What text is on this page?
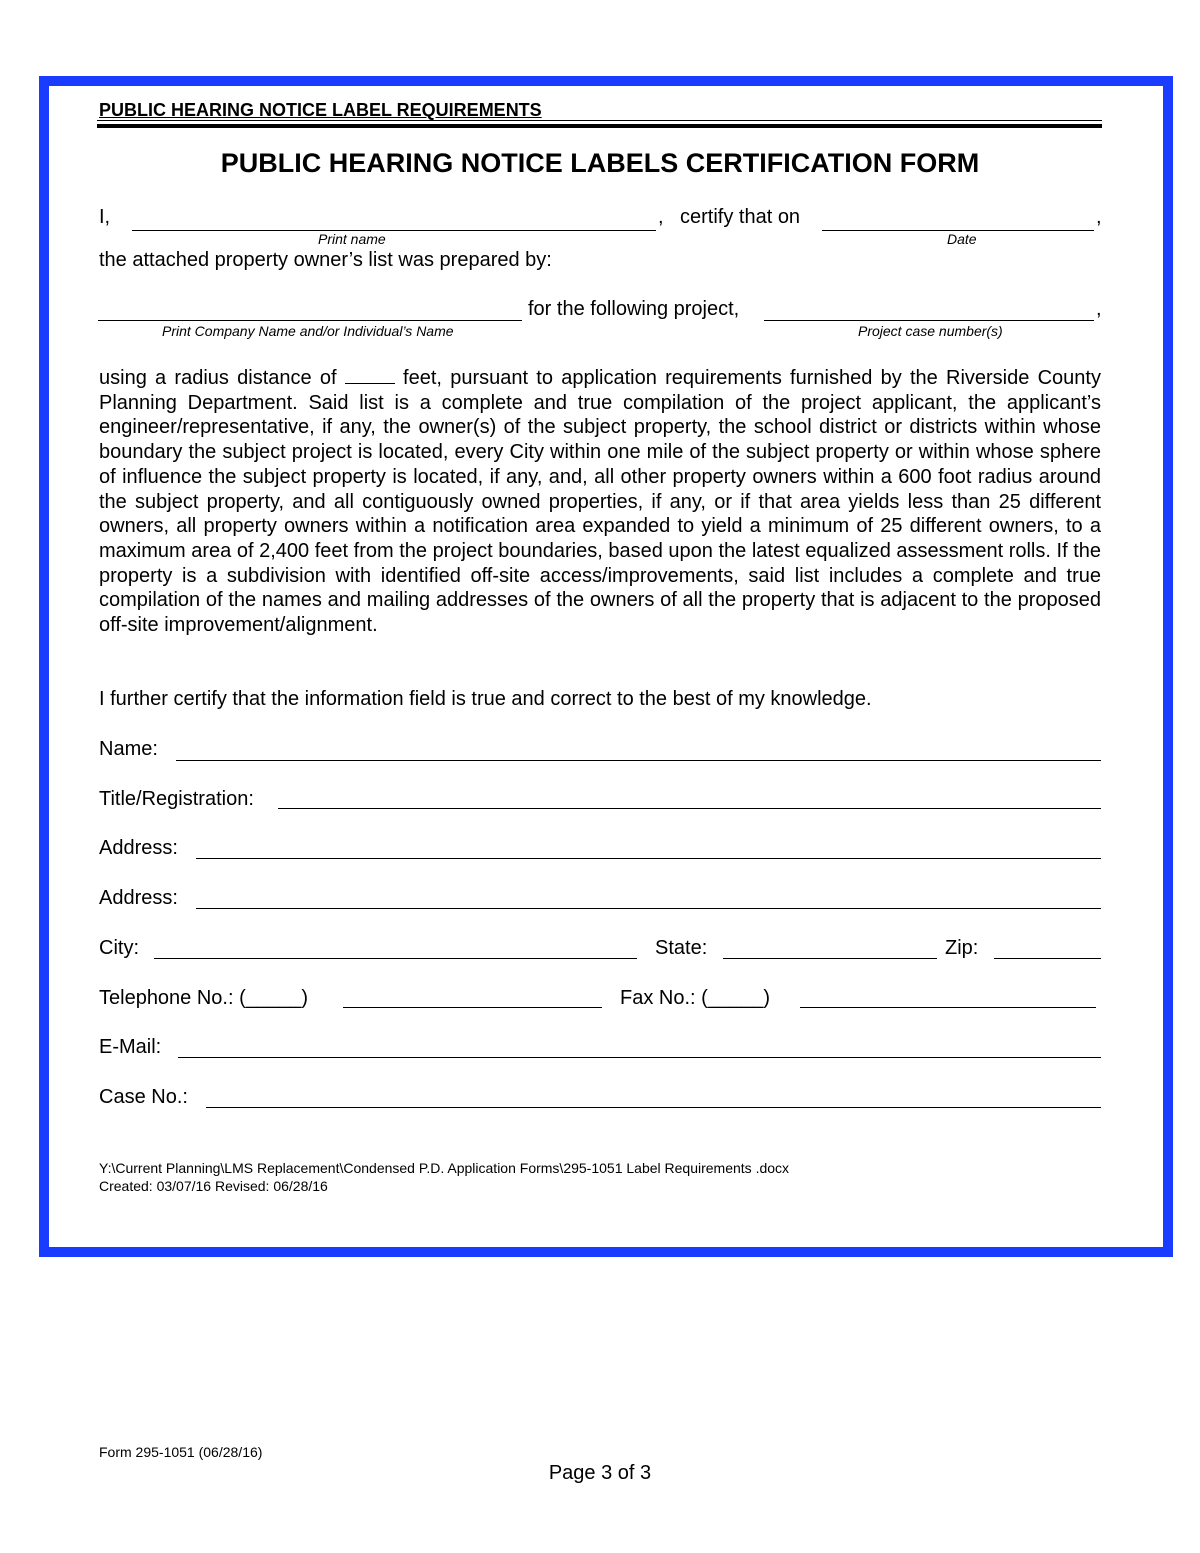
PUBLIC HEARING NOTICE LABEL REQUIREMENTS
PUBLIC HEARING NOTICE LABELS CERTIFICATION FORM
I,	, certify that on	,
Print name	Date
the attached property owner’s list was prepared by:
for the following project,	,
Print Company Name and/or Individual’s Name	Project case number(s)
using a radius distance of	feet, pursuant to application requirements furnished by the Riverside County Planning Department. Said list is a complete and true compilation of the project applicant, the applicant’s engineer/representative, if any, the owner(s) of the subject property, the school district or districts within whose boundary the subject project is located, every City within one mile of the subject property or within whose sphere of influence the subject property is located, if any, and, all other property owners within a 600 foot radius around the subject property, and all contiguously owned properties, if any, or if that area yields less than 25 different owners, all property owners within a notification area expanded to yield a minimum of 25 different owners, to a maximum area of 2,400 feet from the project boundaries, based upon the latest equalized assessment rolls. If the property is a subdivision with identified off-site access/improvements, said list includes a complete and true compilation of the names and mailing addresses of the owners of all the property that is adjacent to the proposed off-site improvement/alignment.
I further certify that the information field is true and correct to the best of my knowledge.
Name:
Title/Registration:
Address:
Address:
City:	State:	Zip:
Telephone No.: (_____)	Fax No.: (_____)
E-Mail:
Case No.:
Y:\Current Planning\LMS Replacement\Condensed P.D. Application Forms\295-1051 Label Requirements .docx
Created: 03/07/16 Revised: 06/28/16
Form 295-1051 (06/28/16)
Page 3 of 3
